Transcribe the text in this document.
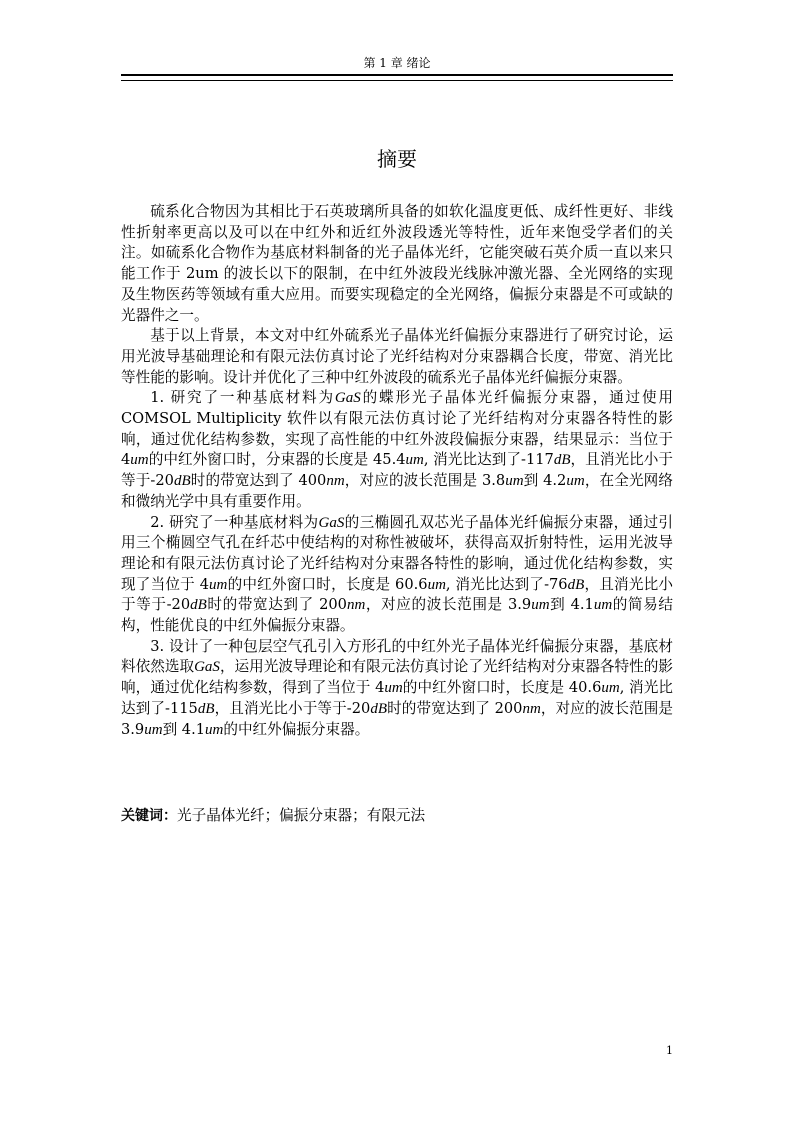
第 1 章 绪论
摘要

硫系化合物因为其相比于石英玻璃所具备的如软化温度更低、成纤性更好、非线性折射率更高以及可以在中红外和近红外波段透光等特性，近年来饱受学者们的关注。如硫系化合物作为基底材料制备的光子晶体光纤，它能突破石英介质一直以来只能工作于 2um 的波长以下的限制，在中红外波段光线脉冲激光器、全光网络的实现及生物医药等领域有重大应用。而要实现稳定的全光网络，偏振分束器是不可或缺的光器件之一。

基于以上背景，本文对中红外硫系光子晶体光纤偏振分束器进行了研究讨论，运用光波导基础理论和有限元法仿真讨论了光纤结构对分束器耦合长度，带宽、消光比等性能的影响。设计并优化了三种中红外波段的硫系光子晶体光纤偏振分束器。

1. 研究了一种基底材料为GaS的蝶形光子晶体光纤偏振分束器，通过使用COMSOL Multiplicity 软件以有限元法仿真讨论了光纤结构对分束器各特性的影响，通过优化结构参数，实现了高性能的中红外波段偏振分束器，结果显示：当位于 4um的中红外窗口时，分束器的长度是 45.4um, 消光比达到了-117dB，且消光比小于等于-20dB时的带宽达到了 400nm，对应的波长范围是 3.8um到 4.2um，在全光网络和微纳光学中具有重要作用。

2. 研究了一种基底材料为GaS的三椭圆孔双芯光子晶体光纤偏振分束器，通过引用三个椭圆空气孔在纤芯中使结构的对称性被破坏，获得高双折射特性，运用光波导理论和有限元法仿真讨论了光纤结构对分束器各特性的影响，通过优化结构参数，实现了当位于 4um的中红外窗口时，长度是 60.6um, 消光比达到了-76dB，且消光比小于等于-20dB时的带宽达到了 200nm，对应的波长范围是 3.9um到 4.1um的简易结构，性能优良的中红外偏振分束器。

3. 设计了一种包层空气孔引入方形孔的中红外光子晶体光纤偏振分束器，基底材料依然选取GaS，运用光波导理论和有限元法仿真讨论了光纤结构对分束器各特性的影响，通过优化结构参数，得到了当位于 4um的中红外窗口时，长度是 40.6um, 消光比达到了-115dB，且消光比小于等于-20dB时的带宽达到了 200nm，对应的波长范围是 3.9um到 4.1um的中红外偏振分束器。

关键词：光子晶体光纤；偏振分束器；有限元法
1
